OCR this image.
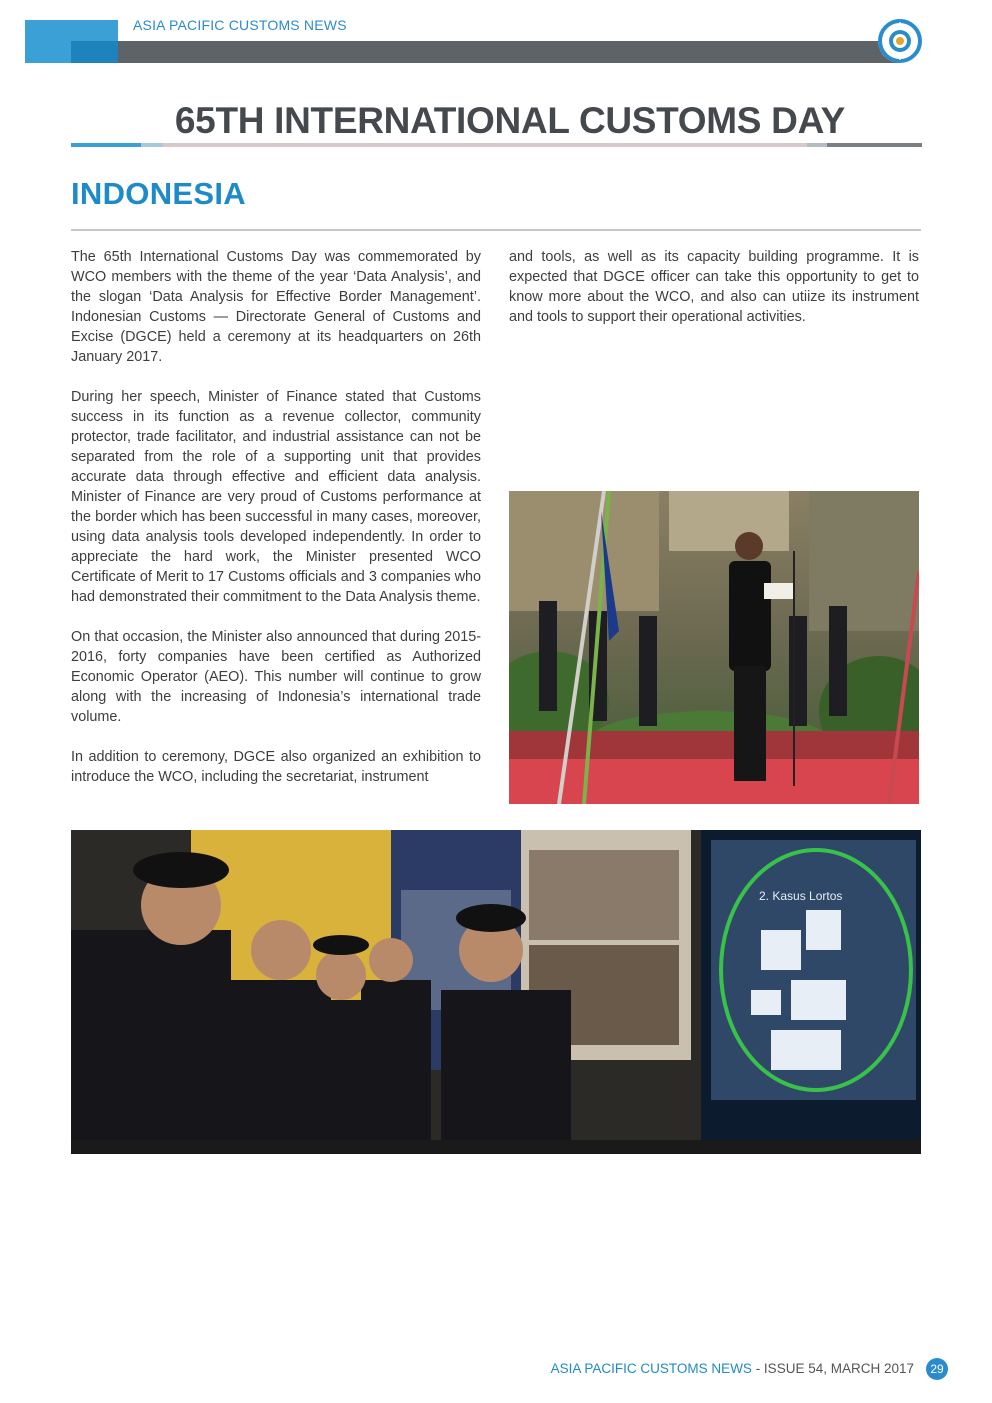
ASIA PACIFIC CUSTOMS NEWS
65TH INTERNATIONAL CUSTOMS DAY
INDONESIA

The 65th International Customs Day was commemorated by WCO members with the theme of the year ‘Data Analysis’, and the slogan ‘Data Analysis for Effective Border Management’. Indonesian Customs — Directorate General of Customs and Excise (DGCE) held a ceremony at its headquarters on 26th January 2017.

During her speech, Minister of Finance stated that Customs success in its function as a revenue collector, community protector, trade facilitator, and industrial assistance can not be separated from the role of a supporting unit that provides accurate data through effective and efficient data analysis. Minister of Finance are very proud of Customs performance at the border which has been successful in many cases, moreover, using data analysis tools developed independently. In order to appreciate the hard work, the Minister presented WCO Certificate of Merit to 17 Customs officials and 3 companies who had demonstrated their commitment to the Data Analysis theme.

On that occasion, the Minister also announced that during 2015-2016, forty companies have been certified as Authorized Economic Operator (AEO). This number will continue to grow along with the increasing of Indonesia’s international trade volume.

In addition to ceremony, DGCE also organized an exhibition to introduce the WCO, including the secretariat, instrument

and tools, as well as its capacity building programme. It is expected that DGCE officer can take this opportunity to get to know more about the WCO, and also can utiize its instrument and tools to support their operational activities.

2. Kasus Lortos
ASIA PACIFIC CUSTOMS NEWS - ISSUE 54, MARCH 2017	29
